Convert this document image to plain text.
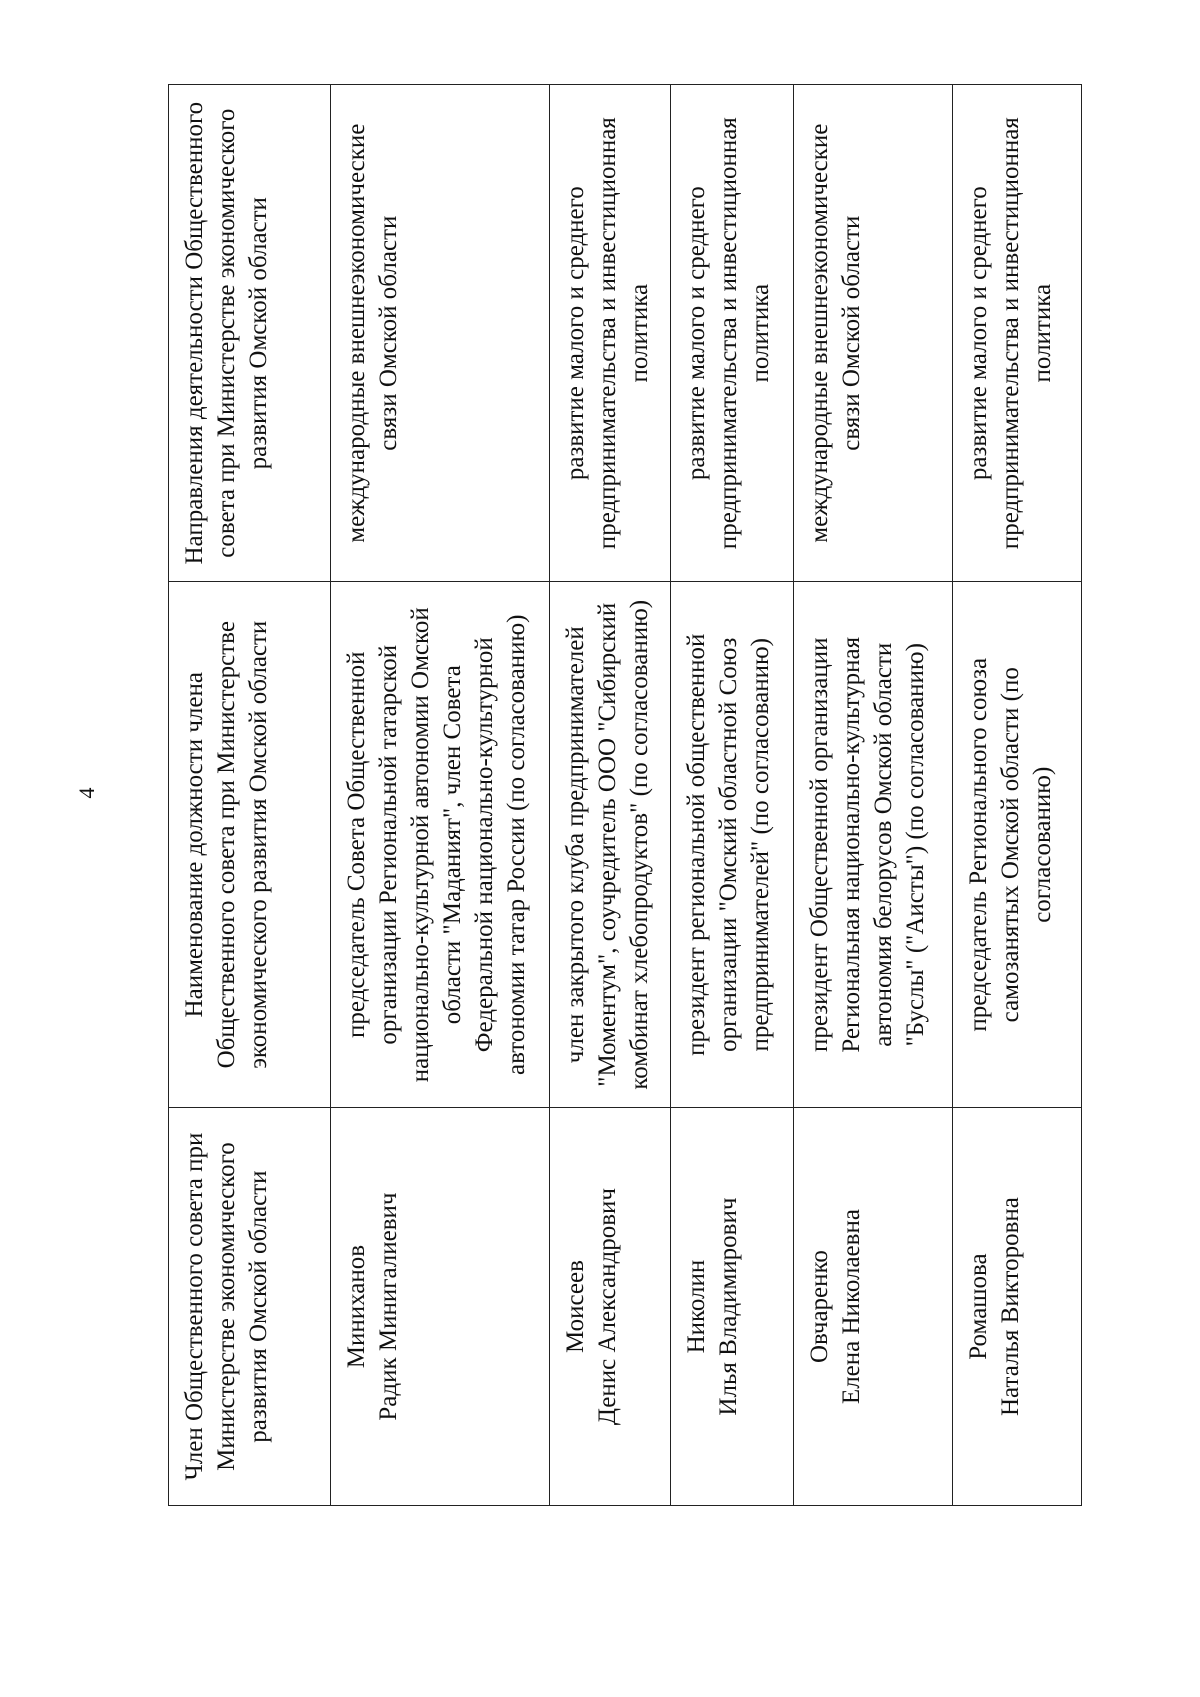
4
Член Общественного совета при Министерстве экономического развития Омской области	Наименование должности члена Общественного совета при Министерстве экономического развития Омской области	Направления деятельности Общественного совета при Министерстве экономического развития Омской области

Миниханов Радик Минигалиевич	председатель Совета Общественной организации Региональной татарской национально-культурной автономии Омской области "Маданият", член Совета Федеральной национально-культурной автономии татар России (по согласованию)	международные внешнеэкономические связи Омской области

Моисеев Денис Александрович	член закрытого клуба предпринимателей "Моментум", соучредитель ООО "Сибирский комбинат хлебопродуктов" (по согласованию)	развитие малого и среднего предпринимательства и инвестиционная политика

Николин Илья Владимирович	президент региональной общественной организации "Омский областной Союз предпринимателей" (по согласованию)	развитие малого и среднего предпринимательства и инвестиционная политика

Овчаренко Елена Николаевна	президент Общественной организации Региональная национально-культурная автономия белорусов Омской области "Буслы" ("Аисты") (по согласованию)	международные внешнеэкономические связи Омской области

Ромашова Наталья Викторовна	председатель Регионального союза самозанятых Омской области (по согласованию)	развитие малого и среднего предпринимательства и инвестиционная политика
